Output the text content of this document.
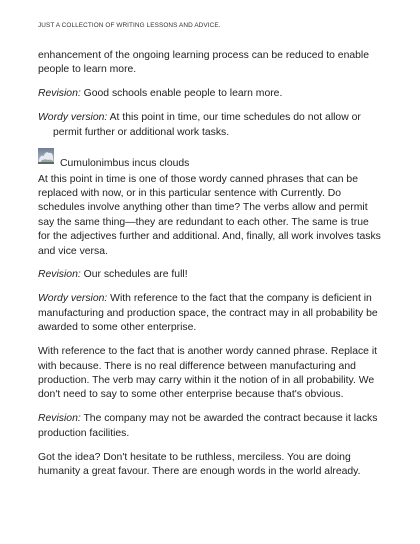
JUST A COLLECTION OF WRITING LESSONS AND ADVICE.

enhancement of the ongoing learning process can be reduced to enable people to learn more.

Revision: Good schools enable people to learn more.

Wordy version: At this point in time, our time schedules do not allow or permit further or additional work tasks.

Cumulonimbus incus clouds

At this point in time is one of those wordy canned phrases that can be replaced with now, or in this particular sentence with Currently. Do schedules involve anything other than time? The verbs allow and permit say the same thing—they are redundant to each other. The same is true for the adjectives further and additional. And, finally, all work involves tasks and vice versa.

Revision: Our schedules are full!

Wordy version: With reference to the fact that the company is deficient in manufacturing and production space, the contract may in all probability be awarded to some other enterprise.

With reference to the fact that is another wordy canned phrase. Replace it with because. There is no real difference between manufacturing and production. The verb may carry within it the notion of in all probability. We don't need to say to some other enterprise because that's obvious.

Revision: The company may not be awarded the contract because it lacks production facilities.

Got the idea? Don't hesitate to be ruthless, merciless. You are doing humanity a great favour. There are enough words in the world already.
